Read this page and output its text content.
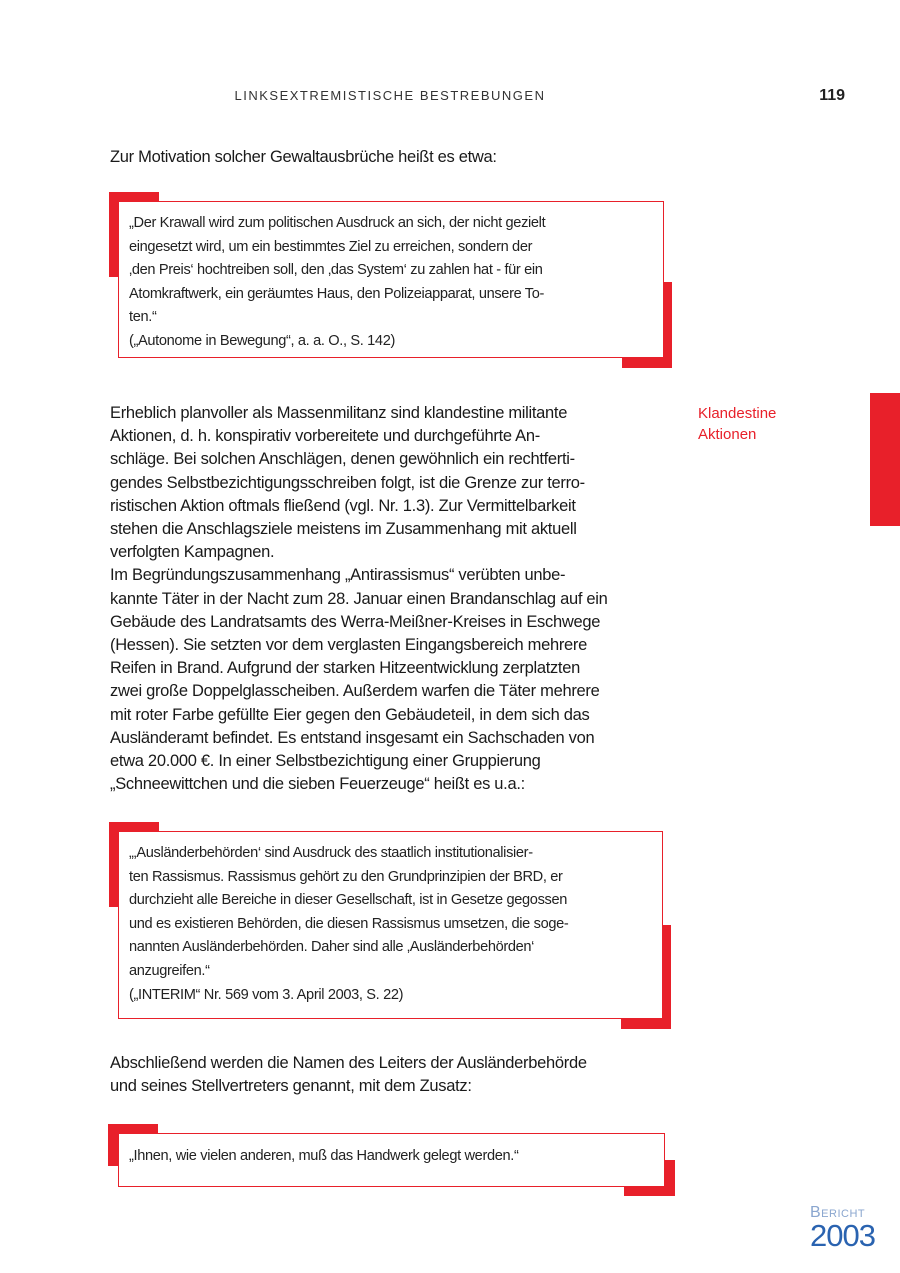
LINKSEXTREMISTISCHE BESTREBUNGEN	119
Zur Motivation solcher Gewaltausbrüche heißt es etwa:

„Der Krawall wird zum politischen Ausdruck an sich, der nicht gezielt

eingesetzt wird, um ein bestimmtes Ziel zu erreichen, sondern der

‚den Preis‘ hochtreiben soll, den ‚das System‘ zu zahlen hat - für ein

Atomkraftwerk, ein geräumtes Haus, den Polizeiapparat, unsere To-

ten.“

(„Autonome in Bewegung“, a. a. O., S. 142)

Klandestine
Aktionen
Erheblich planvoller als Massenmilitanz sind klandestine militante
Aktionen, d. h. konspirativ vorbereitete und durchgeführte An-
schläge. Bei solchen Anschlägen, denen gewöhnlich ein rechtferti-
gendes Selbstbezichtigungsschreiben folgt, ist die Grenze zur terro-
ristischen Aktion oftmals fließend (vgl. Nr. 1.3). Zur Vermittelbarkeit
stehen die Anschlagsziele meistens im Zusammenhang mit aktuell
verfolgten Kampagnen.
Im Begründungszusammenhang „Antirassismus“ verübten unbe-
kannte Täter in der Nacht zum 28. Januar einen Brandanschlag auf ein
Gebäude des Landratsamts des Werra-Meißner-Kreises in Eschwege
(Hessen). Sie setzten vor dem verglasten Eingangsbereich mehrere
Reifen in Brand. Aufgrund der starken Hitzeentwicklung zerplatzten
zwei große Doppelglasscheiben. Außerdem warfen die Täter mehrere
mit roter Farbe gefüllte Eier gegen den Gebäudeteil, in dem sich das
Ausländeramt befindet. Es entstand insgesamt ein Sachschaden von
etwa 20.000 €. In einer Selbstbezichtigung einer Gruppierung
„Schneewittchen und die sieben Feuerzeuge“ heißt es u.a.:

„‚Ausländerbehörden‘ sind Ausdruck des staatlich institutionalisier-

ten Rassismus. Rassismus gehört zu den Grundprinzipien der BRD, er

durchzieht alle Bereiche in dieser Gesellschaft, ist in Gesetze gegossen

und es existieren Behörden, die diesen Rassismus umsetzen, die soge-

nannten Ausländerbehörden. Daher sind alle ‚Ausländerbehörden‘

anzugreifen.“

(„INTERIM“ Nr. 569 vom 3. April 2003, S. 22)

Abschließend werden die Namen des Leiters der Ausländerbehörde
und seines Stellvertreters genannt, mit dem Zusatz:

„Ihnen, wie vielen anderen, muß das Handwerk gelegt werden.“

Bericht
2003
